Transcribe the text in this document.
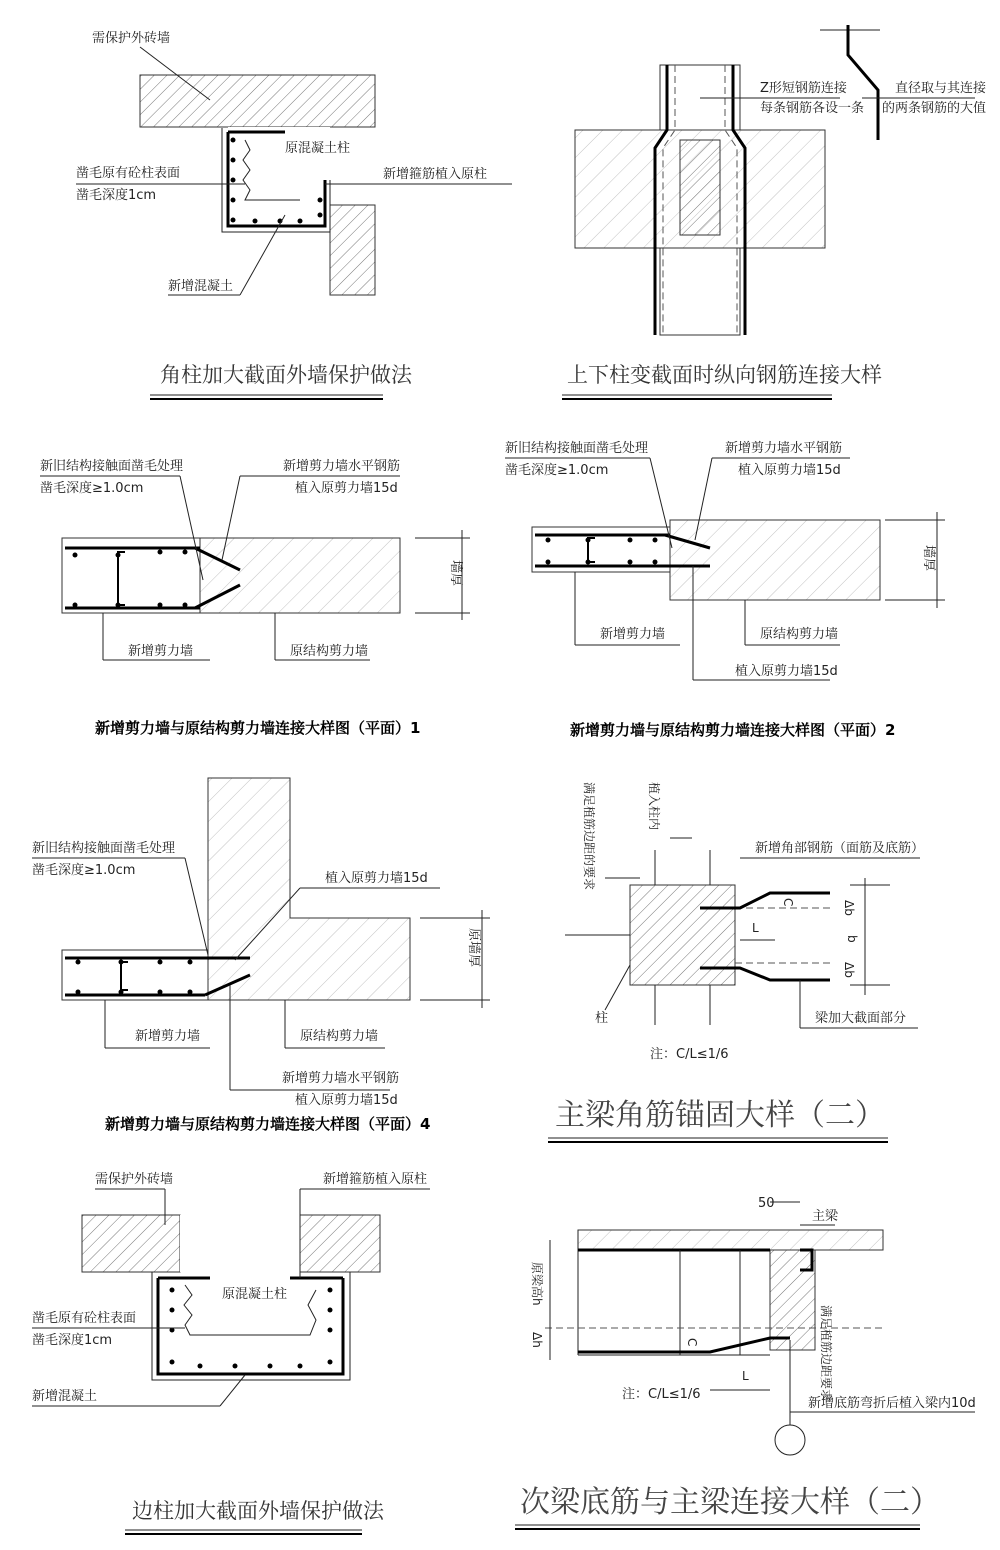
需保护外砖墙
原混凝土柱
凿毛原有砼柱表面
凿毛深度1cm
新增箍筋植入原柱
新增混凝土
角柱加大截面外墙保护做法
Z形短钢筋连接
每条钢筋各设一条
直径取与其连接
的两条钢筋的大值
上下柱变截面时纵向钢筋连接大样
墙厚
新旧结构接触面凿毛处理
凿毛深度≥1.0cm
新增剪力墙水平钢筋
植入原剪力墙15d
新增剪力墙	原结构剪力墙
新增剪力墙与原结构剪力墙连接大样图（平面）1
墙厚
新旧结构接触面凿毛处理
凿毛深度≥1.0cm
新增剪力墙水平钢筋
植入原剪力墙15d
新增剪力墙	原结构剪力墙
植入原剪力墙15d
新增剪力墙与原结构剪力墙连接大样图（平面）2
原墙厚
新旧结构接触面凿毛处理
凿毛深度≥1.0cm
植入原剪力墙15d
新增剪力墙	原结构剪力墙
新增剪力墙水平钢筋
植入原剪力墙15d
新增剪力墙与原结构剪力墙连接大样图（平面）4
Δb
b
Δb
C
L
满足植筋边距的要求	植入柱内
新增角部钢筋（面筋及底筋）
柱	梁加大截面部分
注：C/L≤1/6
主梁角筋锚固大样（二）
需保护外砖墙	新增箍筋植入原柱
原混凝土柱
凿毛原有砼柱表面
凿毛深度1cm
新增混凝土
边柱加大截面外墙保护做法
50
主梁
原梁高h
Δh	C
L	满足植筋边距要求
注：C/L≤1/6
新增底筋弯折后植入梁内10d
次梁底筋与主梁连接大样（二）
